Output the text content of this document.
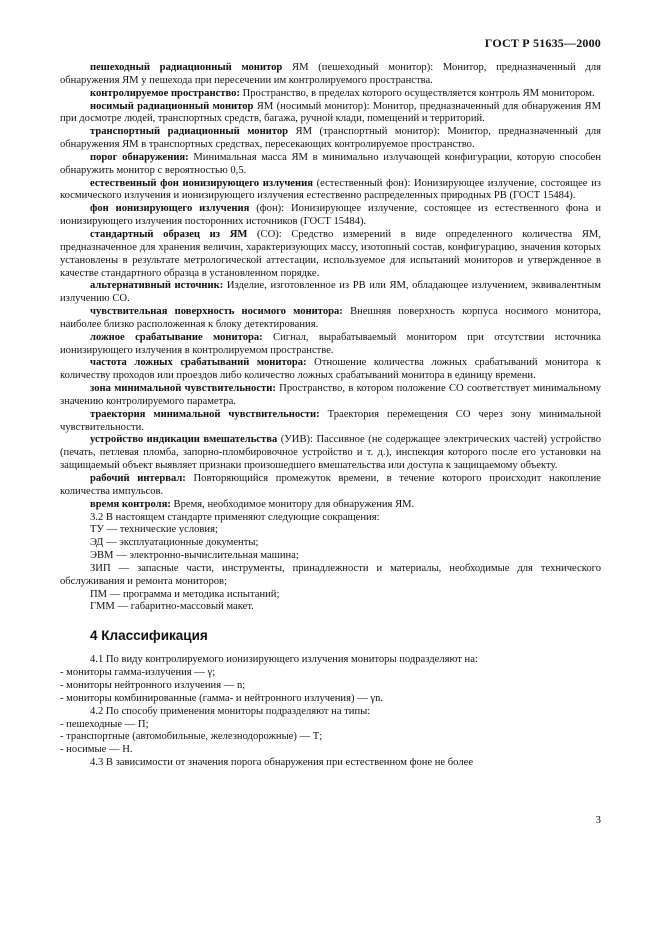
ГОСТ Р 51635—2000

пешеходный радиационный монитор ЯМ (пешеходный монитор): Монитор, предназначенный для обнаружения ЯМ у пешехода при пересечении им контролируемого пространства.

контролируемое пространство: Пространство, в пределах которого осуществляется контроль ЯМ монитором.

носимый радиационный монитор ЯМ (носимый монитор): Монитор, предназначенный для обнаружения ЯМ при досмотре людей, транспортных средств, багажа, ручной клади, помещений и территорий.

транспортный радиационный монитор ЯМ (транспортный монитор): Монитор, предназначенный для обнаружения ЯМ в транспортных средствах, пересекающих контролируемое пространство.

порог обнаружения: Минимальная масса ЯМ в минимально излучающей конфигурации, которую способен обнаружить монитор с вероятностью 0,5.

естественный фон ионизирующего излучения (естественный фон): Ионизирующее излучение, состоящее из космического излучения и ионизирующего излучения естественно распределенных природных РВ (ГОСТ 15484).

фон ионизирующего излучения (фон): Ионизирующее излучение, состоящее из естественного фона и ионизирующего излучения посторонних источников (ГОСТ 15484).

стандартный образец из ЯМ (СО): Средство измерений в виде определенного количества ЯМ, предназначенное для хранения величин, характеризующих массу, изотопный состав, конфигурацию, значения которых установлены в результате метрологической аттестации, используемое для испытаний мониторов и утвержденное в качестве стандартного образца в установленном порядке.

альтернативный источник: Изделие, изготовленное из РВ или ЯМ, обладающее излучением, эквивалентным излучению СО.

чувствительная поверхность носимого монитора: Внешняя поверхность корпуса носимого монитора, наиболее близко расположенная к блоку детектирования.

ложное срабатывание монитора: Сигнал, вырабатываемый монитором при отсутствии источника ионизирующего излучения в контролируемом пространстве.

частота ложных срабатываний монитора: Отношение количества ложных срабатываний монитора к количеству проходов или проездов либо количество ложных срабатываний монитора в единицу времени.

зона минимальной чувствительности: Пространство, в котором положение СО соответствует минимальному значению контролируемого параметра.

траектория минимальной чувствительности: Траектория перемещения СО через зону минимальной чувствительности.

устройство индикации вмешательства (УИВ): Пассивное (не содержащее электрических частей) устройство (печать, петлевая пломба, запорно-пломбировочное устройство и т. д.), инспекция которого после его установки на защищаемый объект выявляет признаки произошедшего вмешательства или доступа к защищаемому объекту.

рабочий интервал: Повторяющийся промежуток времени, в течение которого происходит накопление количества импульсов.

время контроля: Время, необходимое монитору для обнаружения ЯМ.

3.2 В настоящем стандарте применяют следующие сокращения:

ТУ — технические условия;

ЭД — эксплуатационные документы;

ЭВМ — электронно-вычислительная машина;

ЗИП — запасные части, инструменты, принадлежности и материалы, необходимые для технического обслуживания и ремонта мониторов;

ПМ — программа и методика испытаний;

ГММ — габаритно-массовый макет.

4 Классификация

4.1 По виду контролируемого ионизирующего излучения мониторы подразделяют на:

- мониторы гамма-излучения — γ;

- мониторы нейтронного излучения — n;

- мониторы комбинированные (гамма- и нейтронного излучения) — γn.

4.2 По способу применения мониторы подразделяют на типы:

- пешеходные — П;

- транспортные (автомобильные, железнодорожные) — Т;

- носимые — Н.

4.3 В зависимости от значения порога обнаружения при естественном фоне не более

3
